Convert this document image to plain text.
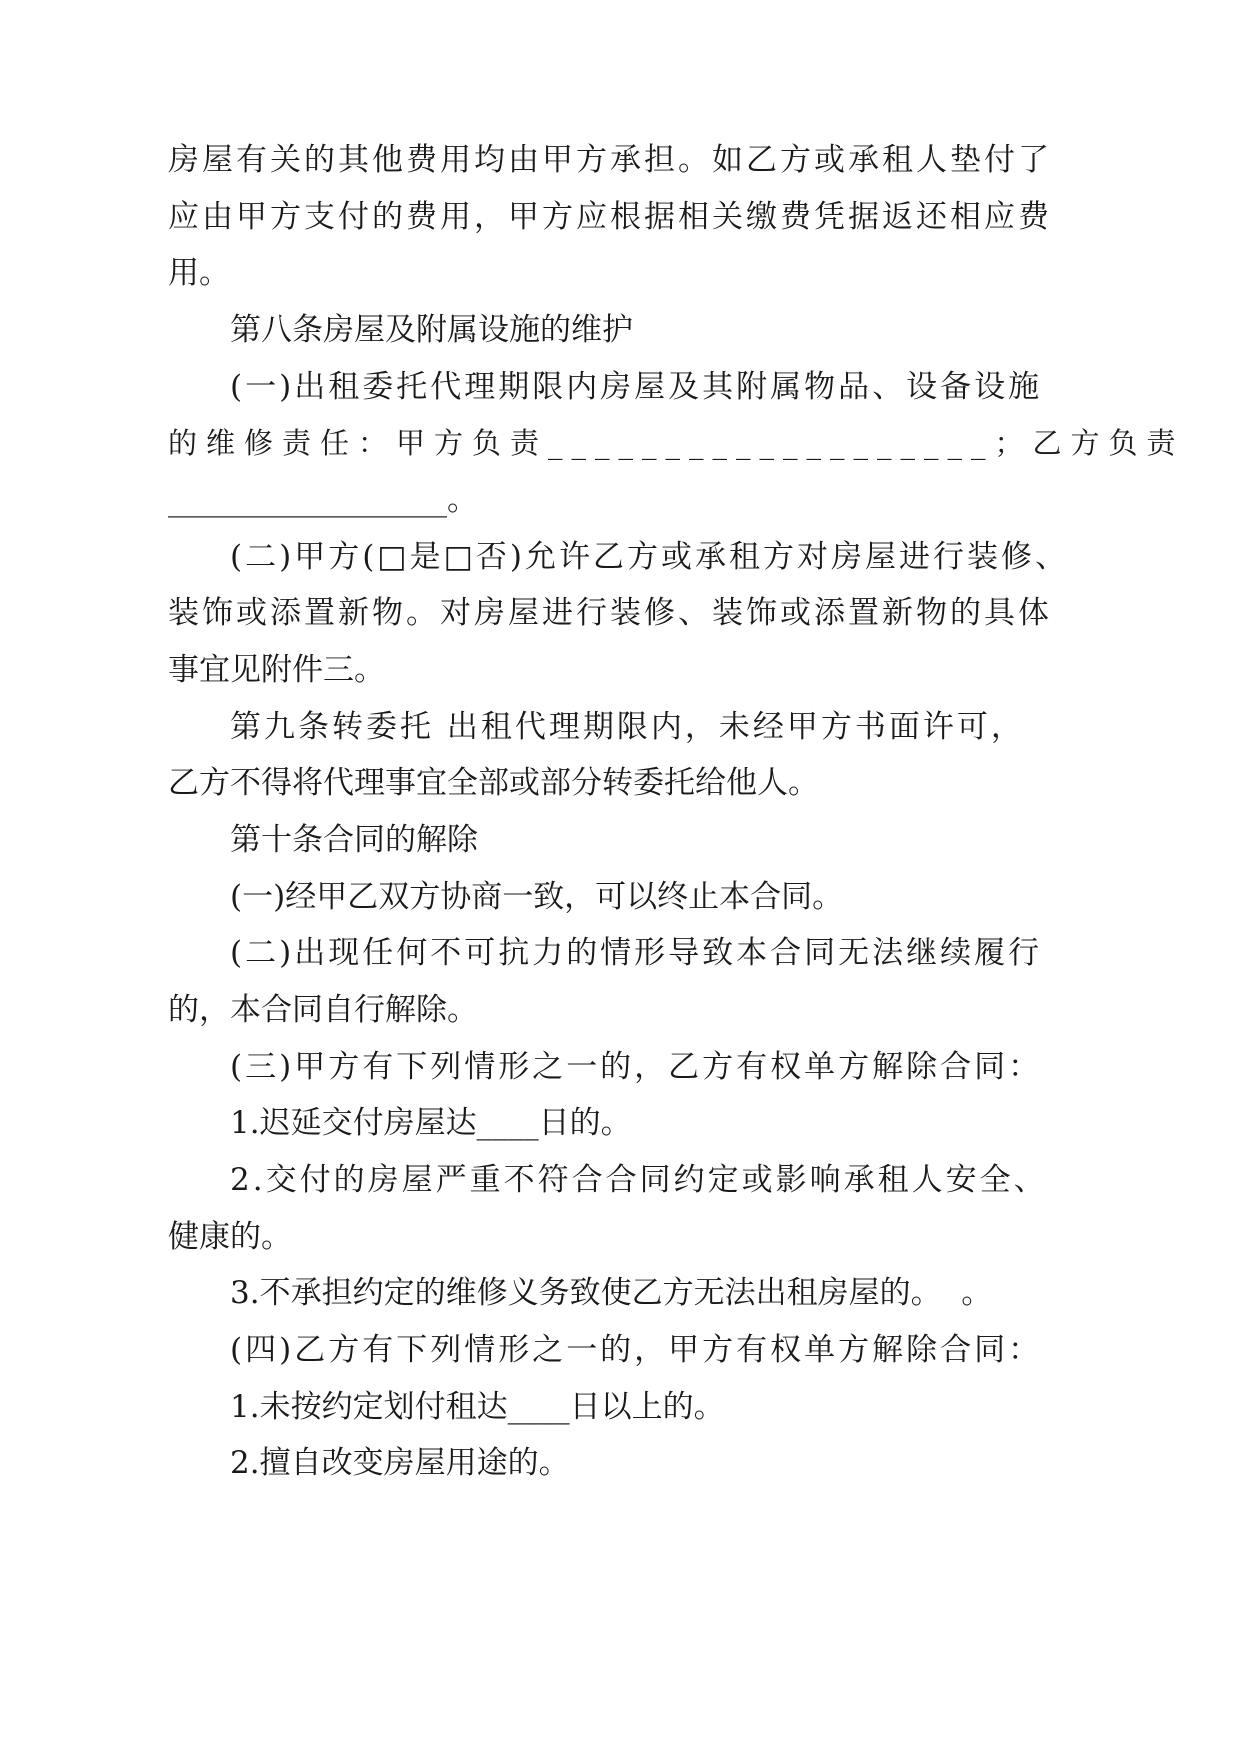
房屋有关的其他费用均由甲方承担。如乙方或承租人垫付了
应由甲方支付的费用，甲方应根据相关缴费凭据返还相应费
用。
第八条房屋及附属设施的维护
(一)出租委托代理期限内房屋及其附属物品、设备设施
的维修责任：甲方负责___________________；乙方负责
__________________。
(二)甲方(□是□否)允许乙方或承租方对房屋进行装修、
装饰或添置新物。对房屋进行装修、装饰或添置新物的具体
事宜见附件三。
第九条转委托 出租代理期限内，未经甲方书面许可，
乙方不得将代理事宜全部或部分转委托给他人。
第十条合同的解除
(一)经甲乙双方协商一致，可以终止本合同。
(二)出现任何不可抗力的情形导致本合同无法继续履行
的，本合同自行解除。
(三)甲方有下列情形之一的，乙方有权单方解除合同：
1.迟延交付房屋达____日的。
2.交付的房屋严重不符合合同约定或影响承租人安全、
健康的。
3.不承担约定的维修义务致使乙方无法出租房屋的。  。
(四)乙方有下列情形之一的，甲方有权单方解除合同：
1.未按约定划付租达____日以上的。
2.擅自改变房屋用途的。
